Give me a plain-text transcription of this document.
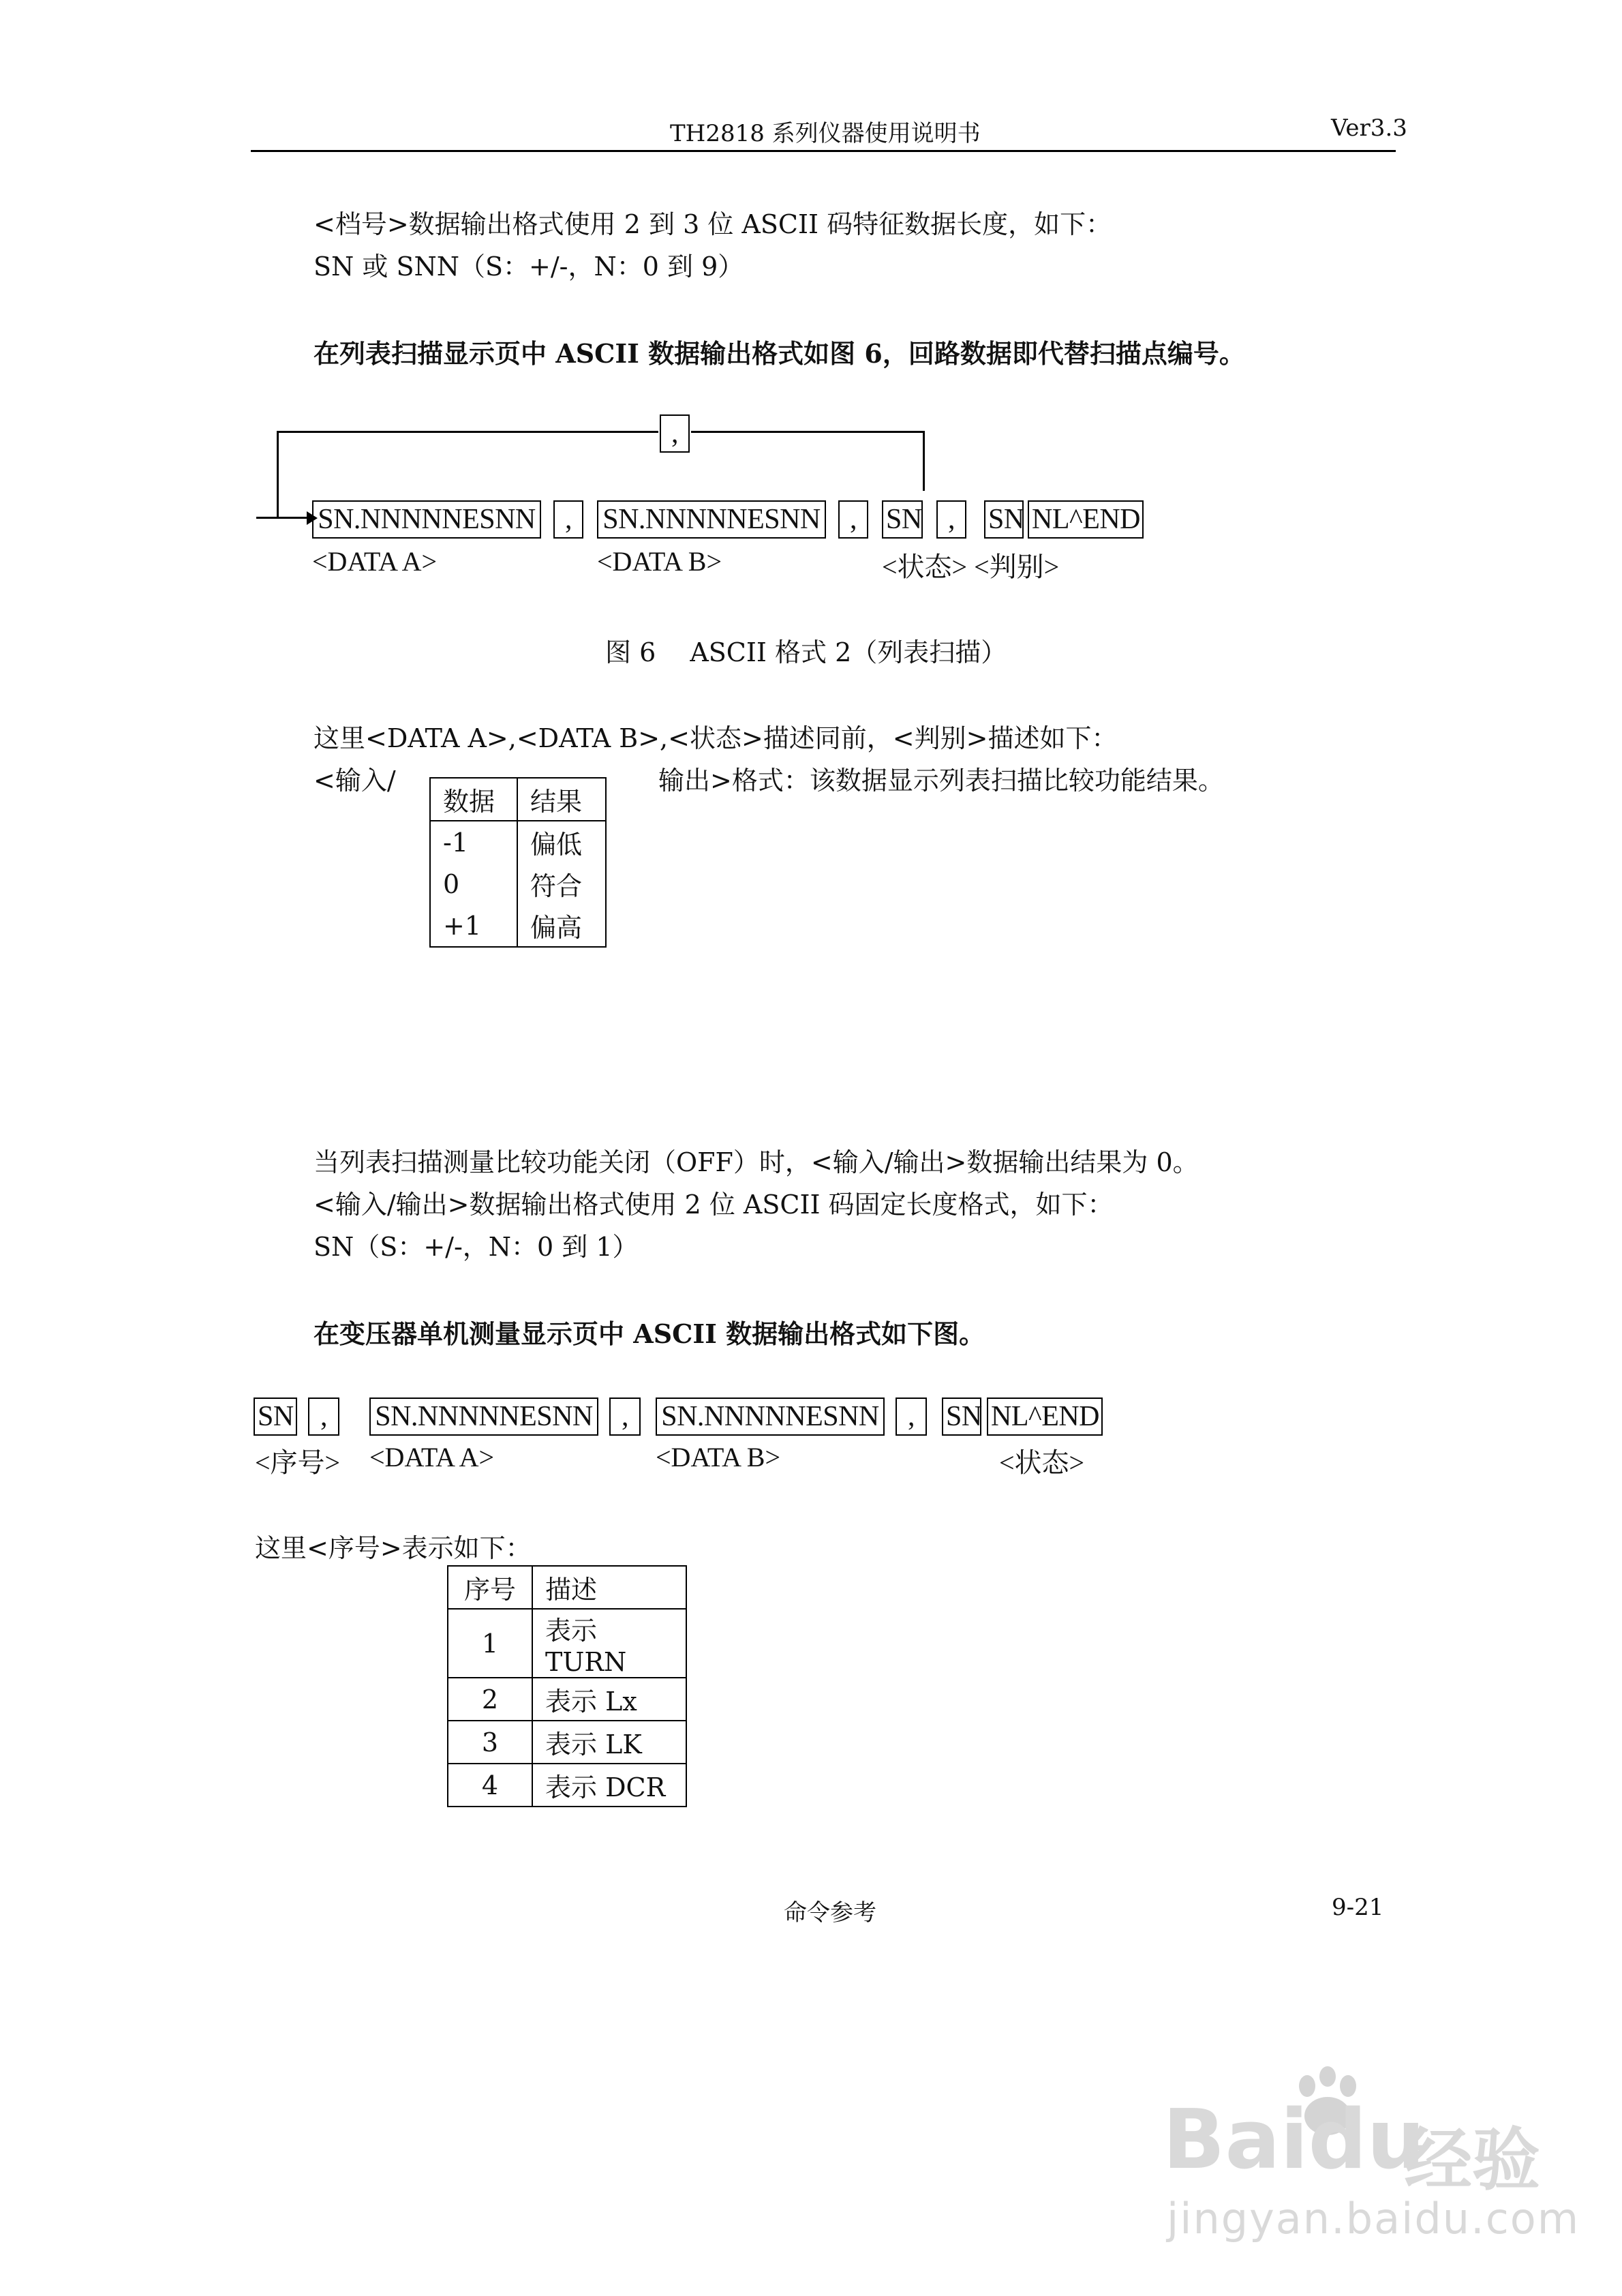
TH2818 系列仪器使用说明书	Ver3.3
<档号>数据输出格式使用 2 到 3 位 ASCII 码特征数据长度，如下：
SN 或 SNN（S：+/-，N：0 到 9）
在列表扫描显示页中 ASCII 数据输出格式如图 6，回路数据即代替扫描点编号。
,
SN.NNNNNESNN	,	SN.NNNNNESNN	,	SN ,	SN NL^END
<DATA A>	<DATA B>	<状态> <判别>
图 6　 ASCII 格式 2（列表扫描）
这里<DATA A>,<DATA B>,<状态>描述同前，<判别>描述如下：
<输入/	输出>格式：该数据显示列表扫描比较功能结果。
数据	结果
-1	偏低
0	符合
+1	偏高
当列表扫描测量比较功能关闭（OFF）时，<输入/输出>数据输出结果为 0。
<输入/输出>数据输出格式使用 2 位 ASCII 码固定长度格式，如下：
SN（S：+/-，N：0 到 1）
在变压器单机测量显示页中 ASCII 数据输出格式如下图。
SN ,	SN.NNNNNESNN	,	SN.NNNNNESNN	,	SN NL^END
<序号> <DATA A>	<DATA B>	<状态>
这里<序号>表示如下：
序号	描述
1	表示 TURN
2	表示 Lx
3	表示 LK
4	表示 DCR
命令参考	9-21
Baidu
经验
jingyan.baidu.com
